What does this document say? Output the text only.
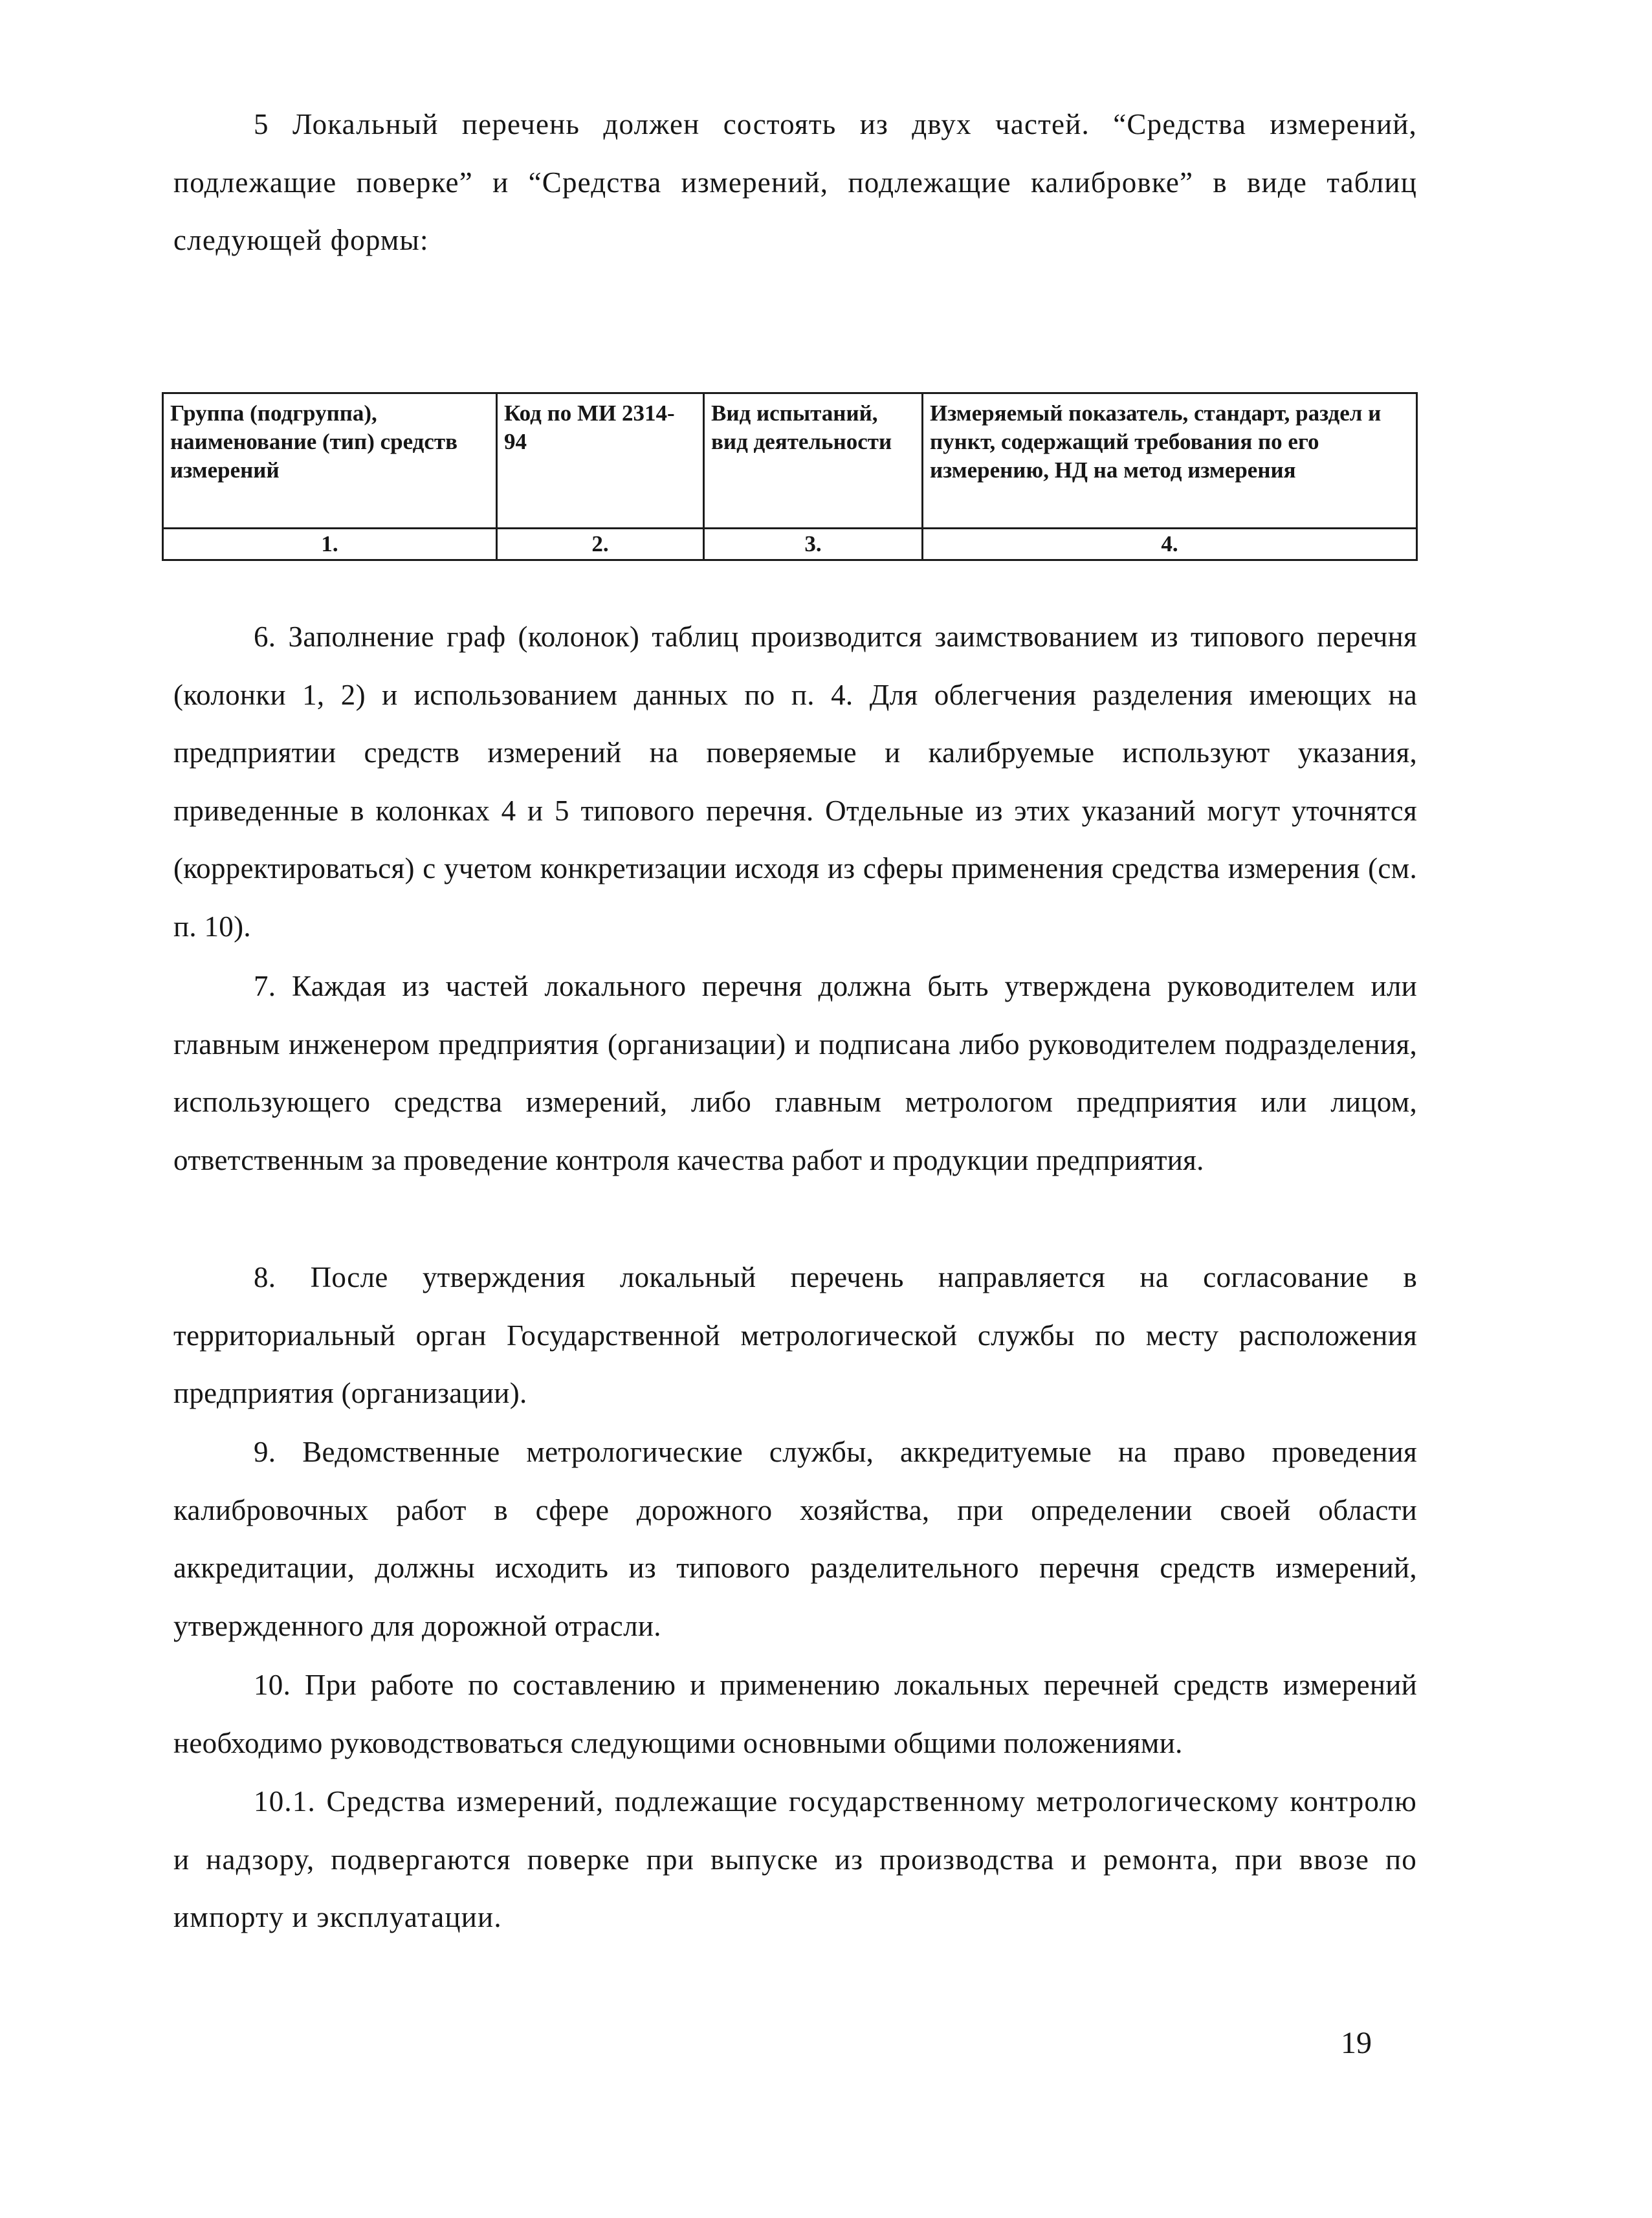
5 Локальный перечень должен состоять из двух частей. “Средства измерений, подлежащие поверке” и “Средства измерений, подлежащие калибровке” в виде таблиц следующей формы:

Группа (подгруппа), наименование (тип) средств измерений	Код по МИ 2314-94	Вид испытаний, вид деятельности	Измеряемый показатель, стандарт, раздел и пункт, содержащий требования по его измерению, НД на метод измерения
1.	2.	3.	4.

6. Заполнение граф (колонок) таблиц производится заимствованием из типового перечня (колонки 1, 2) и использованием данных по п. 4. Для облегчения разделения имеющих на предприятии средств измерений на поверяемые и калибруемые используют указания, приведенные в колонках 4 и 5 типового перечня. Отдельные из этих указаний могут уточнятся (корректироваться) с учетом конкретизации исходя из сферы применения средства измерения (см. п. 10).

7. Каждая из частей локального перечня должна быть утверждена руководителем или главным инженером предприятия (организации) и подписана либо руководителем подразделения, использующего средства измерений, либо главным метрологом предприятия или лицом, ответственным за проведение контроля качества работ и продукции предприятия.

8. После утверждения локальный перечень направляется на согласование в территориальный орган Государственной метрологической службы по месту расположения предприятия (организации).

9. Ведомственные метрологические службы, аккредитуемые на право проведения калибровочных работ в сфере дорожного хозяйства, при определении своей области аккредитации, должны исходить из типового разделительного перечня средств измерений, утвержденного для дорожной отрасли.

10. При работе по составлению и применению локальных перечней средств измерений необходимо руководствоваться следующими основными общими положениями.

10.1. Средства измерений, подлежащие государственному метрологическому контролю и надзору, подвергаются поверке при выпуске из производства и ремонта, при ввозе по импорту и эксплуатации.

19
